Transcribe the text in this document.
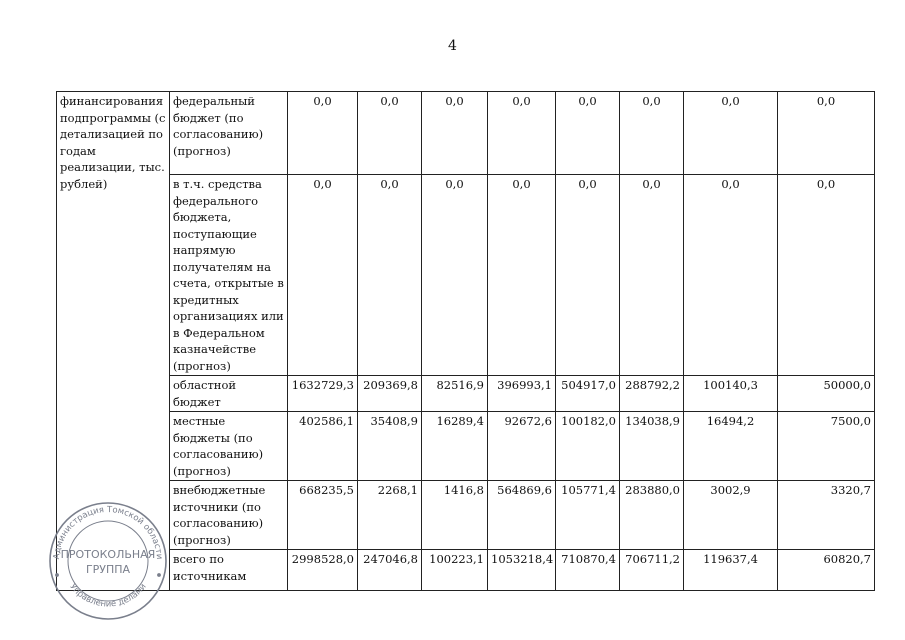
4
финансирования подпрограммы (с детализацией по годам реализации, тыс. рублей)	федеральный бюджет (по согласованию) (прогноз)	0,0	0,0	0,0	0,0	0,0	0,0	0,0	0,0
	в т.ч. средства федерального бюджета, поступающие напрямую получателям на счета, открытые в кредитных организациях или в Федеральном казначействе (прогноз)	0,0	0,0	0,0	0,0	0,0	0,0	0,0	0,0
	областной бюджет	1632729,3	209369,8	82516,9	396993,1	504917,0	288792,2	100140,3	50000,0
	местные бюджеты (по согласованию) (прогноз)	402586,1	35408,9	16289,4	92672,6	100182,0	134038,9	16494,2	7500,0
	внебюджетные источники (по согласованию) (прогноз)	668235,5	2268,1	1416,8	564869,6	105771,4	283880,0	3002,9	3320,7
	всего по источникам	2998528,0	247046,8	100223,1	1053218,4	710870,4	706711,2	119637,4	60820,7
Администрация Томской области
Управление делами
ПРОТОКОЛЬНАЯ
ГРУППА
